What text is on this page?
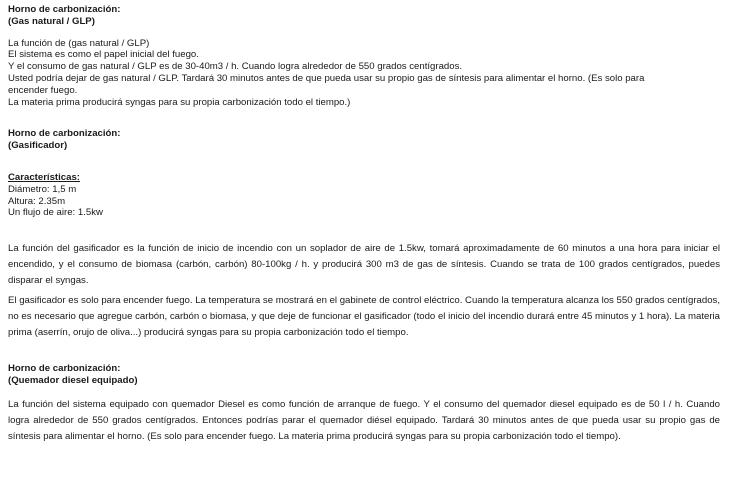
Horno de carbonización:
(Gas natural / GLP)
La función de (gas natural / GLP)
El sistema es como el papel inicial del fuego.
Y el consumo de gas natural / GLP es de 30-40m3 / h. Cuando logra alrededor de 550 grados centígrados.
Usted podría dejar de gas natural / GLP. Tardará 30 minutos antes de que pueda usar su propio gas de síntesis para alimentar el horno. (Es solo para
encender fuego.
La materia prima producirá syngas para su propia carbonización todo el tiempo.)
Horno de carbonización:
(Gasificador)
Características:
Diámetro: 1,5 m
Altura: 2.35m
Un flujo de aire: 1.5kw
La función del gasificador es la función de inicio de incendio con un soplador de aire de 1.5kw, tomará aproximadamente de 60 minutos a una hora para iniciar el encendido, y el consumo de biomasa (carbón, carbón) 80-100kg / h. y producirá 300 m3 de gas de síntesis. Cuando se trata de 100 grados centígrados, puedes disparar el syngas.
El gasificador es solo para encender fuego. La temperatura se mostrará en el gabinete de control eléctrico. Cuando la temperatura alcanza los 550 grados centígrados, no es necesario que agregue carbón, carbón o biomasa, y que deje de funcionar el gasificador (todo el inicio del incendio durará entre 45 minutos y 1 hora). La materia prima (aserrín, orujo de oliva...) producirá syngas para su propia carbonización todo el tiempo.
Horno de carbonización:
(Quemador diesel equipado)
La función del sistema equipado con quemador Diesel es como función de arranque de fuego. Y el consumo del quemador diesel equipado es de 50 l / h. Cuando logra alrededor de 550 grados centígrados. Entonces podrías parar el quemador diésel equipado. Tardará 30 minutos antes de que pueda usar su propio gas de síntesis para alimentar el horno. (Es solo para encender fuego. La materia prima producirá syngas para su propia carbonización todo el tiempo).
